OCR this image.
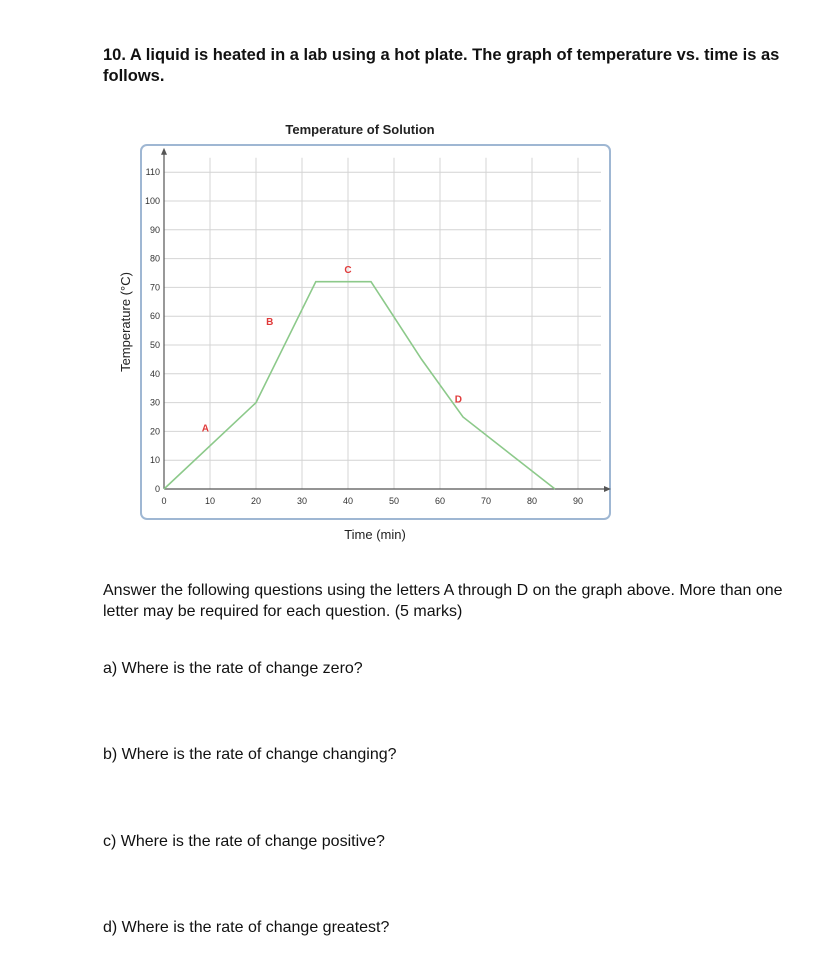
10. A liquid is heated in a lab using a hot plate. The graph of temperature vs. time is as follows.
Temperature of Solution
0	10	20	30	40	50	60	70	80	90
0
10
20
30
40
50
60
70
80
90
100
110
A
B
C
D
Time (min)
Temperature (°C)

Answer the following questions using the letters A through D on the graph above. More than one letter may be required for each question. (5 marks)

a) Where is the rate of change zero?

b) Where is the rate of change changing?

c) Where is the rate of change positive?

d) Where is the rate of change greatest?
